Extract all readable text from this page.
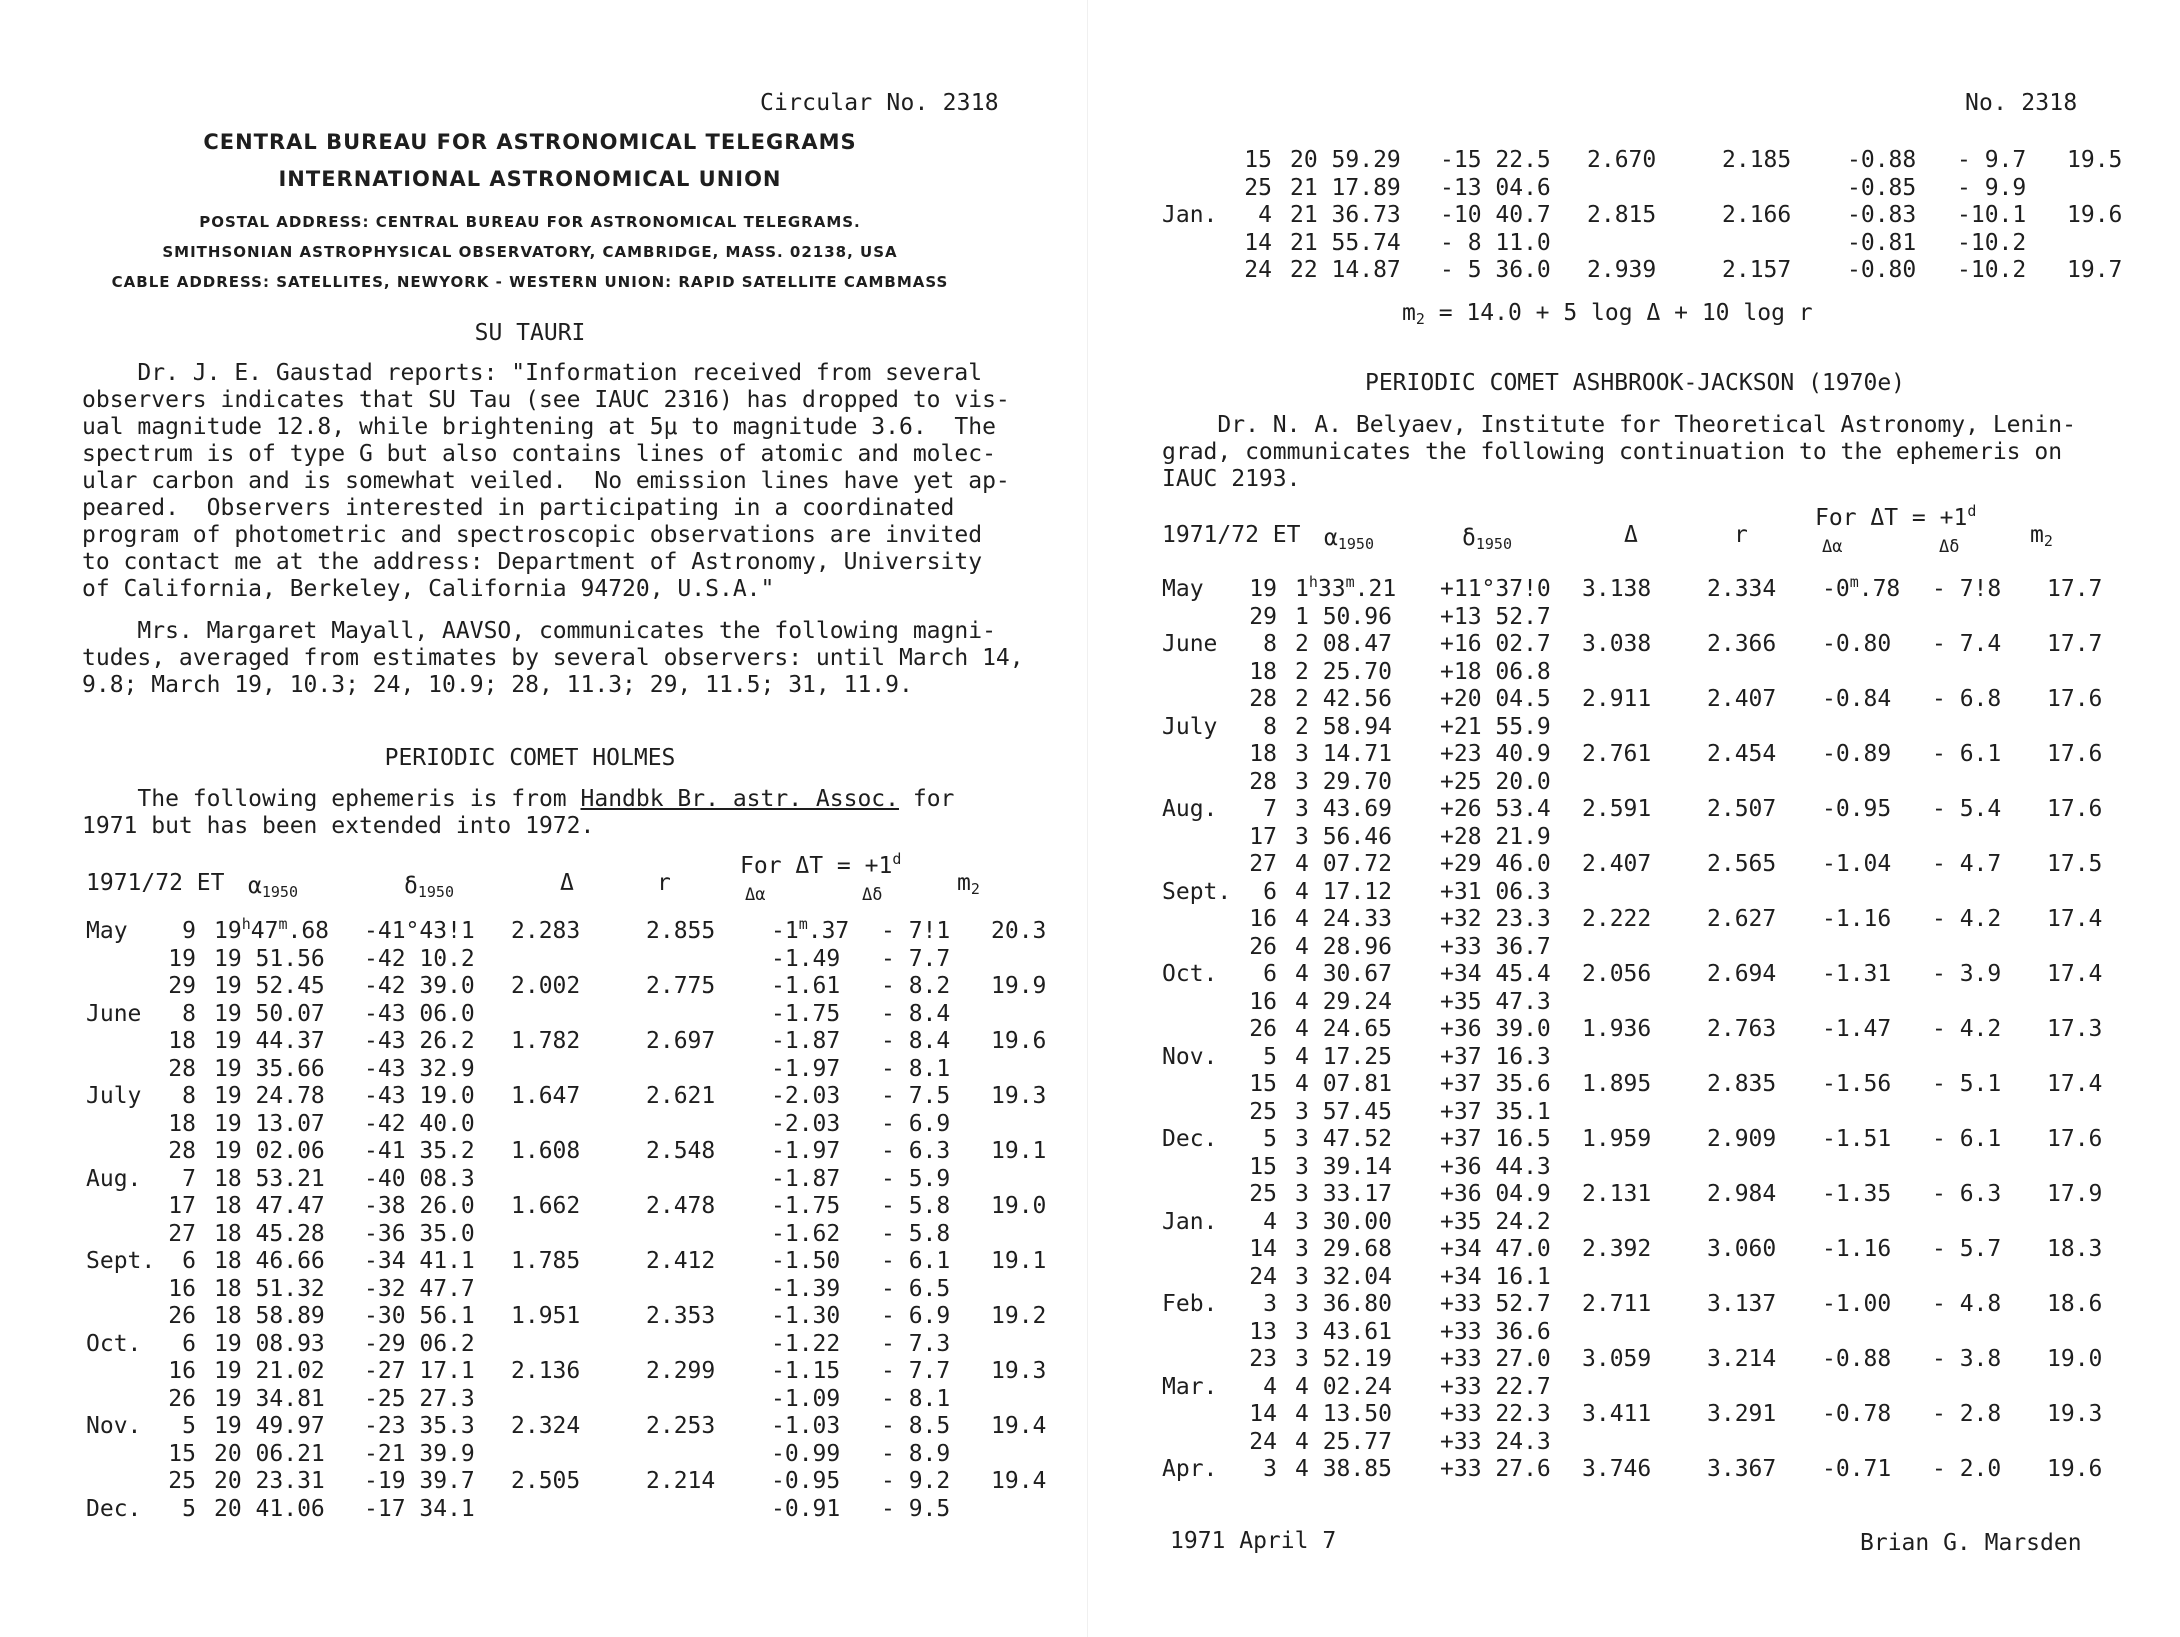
Circular No. 2318
CENTRAL BUREAU FOR ASTRONOMICAL TELEGRAMS
INTERNATIONAL ASTRONOMICAL UNION
POSTAL ADDRESS: CENTRAL BUREAU FOR ASTRONOMICAL TELEGRAMS.
SMITHSONIAN ASTROPHYSICAL OBSERVATORY, CAMBRIDGE, MASS. 02138, USA
CABLE ADDRESS: SATELLITES, NEWYORK - WESTERN UNION: RAPID SATELLITE CAMBMASS
SU TAURI
Dr. J. E. Gaustad reports: "Information received from several
observers indicates that SU Tau (see IAUC 2316) has dropped to vis-
ual magnitude 12.8, while brightening at 5μ to magnitude 3.6.  The
spectrum is of type G but also contains lines of atomic and molec-
ular carbon and is somewhat veiled.  No emission lines have yet ap-
peared.  Observers interested in participating in a coordinated
program of photometric and spectroscopic observations are invited
to contact me at the address: Department of Astronomy, University
of California, Berkeley, California 94720, U.S.A."
Mrs. Margaret Mayall, AAVSO, communicates the following magni-
tudes, averaged from estimates by several observers: until March 14,
9.8; March 19, 10.3; 24, 10.9; 28, 11.3; 29, 11.5; 31, 11.9.
PERIODIC COMET HOLMES
The following ephemeris is from Handbk Br. astr. Assoc. for
1971 but has been extended into 1972.
1971/72 ET $\alpha_{1950}$	$\delta_{1950}$	Δ	r
For $\Delta T = +1^d$
Δα	Δδ	$m_2$
May	9	19$^h$47$^m$.68	-41°43!1	2.283	2.855	-1$^m$.37	- 7!1	20.3
	19	19 51.56	-42 10.2			-1.49	- 7.7	
	29	19 52.45	-42 39.0	2.002	2.775	-1.61	- 8.2	19.9
June	8	19 50.07	-43 06.0			-1.75	- 8.4	
	18	19 44.37	-43 26.2	1.782	2.697	-1.87	- 8.4	19.6
	28	19 35.66	-43 32.9			-1.97	- 8.1	
July	8	19 24.78	-43 19.0	1.647	2.621	-2.03	- 7.5	19.3
	18	19 13.07	-42 40.0			-2.03	- 6.9	
	28	19 02.06	-41 35.2	1.608	2.548	-1.97	- 6.3	19.1
Aug.	7	18 53.21	-40 08.3			-1.87	- 5.9	
	17	18 47.47	-38 26.0	1.662	2.478	-1.75	- 5.8	19.0
	27	18 45.28	-36 35.0			-1.62	- 5.8	
Sept.	6	18 46.66	-34 41.1	1.785	2.412	-1.50	- 6.1	19.1
	16	18 51.32	-32 47.7			-1.39	- 6.5	
	26	18 58.89	-30 56.1	1.951	2.353	-1.30	- 6.9	19.2
Oct.	6	19 08.93	-29 06.2			-1.22	- 7.3	
	16	19 21.02	-27 17.1	2.136	2.299	-1.15	- 7.7	19.3
	26	19 34.81	-25 27.3			-1.09	- 8.1	
Nov.	5	19 49.97	-23 35.3	2.324	2.253	-1.03	- 8.5	19.4
	15	20 06.21	-21 39.9			-0.99	- 8.9	
	25	20 23.31	-19 39.7	2.505	2.214	-0.95	- 9.2	19.4
Dec.	5	20 41.06	-17 34.1			-0.91	- 9.5	
No. 2318
	15	20 59.29	-15 22.5	2.670	2.185	-0.88	- 9.7	19.5
	25	21 17.89	-13 04.6			-0.85	- 9.9	
Jan.	4	21 36.73	-10 40.7	2.815	2.166	-0.83	-10.1	19.6
	14	21 55.74	- 8 11.0			-0.81	-10.2	
	24	22 14.87	- 5 36.0	2.939	2.157	-0.80	-10.2	19.7
$m_2 = 14.0 + 5$ log Δ + 10 log r
PERIODIC COMET ASHBROOK-JACKSON (1970e)
Dr. N. A. Belyaev, Institute for Theoretical Astronomy, Lenin-
grad, communicates the following continuation to the ephemeris on
IAUC 2193.
1971/72 ET $\alpha_{1950}$	$\delta_{1950}$	Δ	r
For $\Delta T = +1^d$
Δα	Δδ	$m_2$
May	19	$1^h33^m.21$	+11°37!0	3.138	2.334	-0$^m$.78	- 7!8	17.7
	29	1 50.96	+13 52.7					
June	8	2 08.47	+16 02.7	3.038	2.366	-0.80	- 7.4	17.7
	18	2 25.70	+18 06.8					
	28	2 42.56	+20 04.5	2.911	2.407	-0.84	- 6.8	17.6
July	8	2 58.94	+21 55.9					
	18	3 14.71	+23 40.9	2.761	2.454	-0.89	- 6.1	17.6
	28	3 29.70	+25 20.0					
Aug.	7	3 43.69	+26 53.4	2.591	2.507	-0.95	- 5.4	17.6
	17	3 56.46	+28 21.9					
	27	4 07.72	+29 46.0	2.407	2.565	-1.04	- 4.7	17.5
Sept.	6	4 17.12	+31 06.3					
	16	4 24.33	+32 23.3	2.222	2.627	-1.16	- 4.2	17.4
	26	4 28.96	+33 36.7					
Oct.	6	4 30.67	+34 45.4	2.056	2.694	-1.31	- 3.9	17.4
	16	4 29.24	+35 47.3					
	26	4 24.65	+36 39.0	1.936	2.763	-1.47	- 4.2	17.3
Nov.	5	4 17.25	+37 16.3					
	15	4 07.81	+37 35.6	1.895	2.835	-1.56	- 5.1	17.4
	25	3 57.45	+37 35.1					
Dec.	5	3 47.52	+37 16.5	1.959	2.909	-1.51	- 6.1	17.6
	15	3 39.14	+36 44.3					
	25	3 33.17	+36 04.9	2.131	2.984	-1.35	- 6.3	17.9
Jan.	4	3 30.00	+35 24.2					
	14	3 29.68	+34 47.0	2.392	3.060	-1.16	- 5.7	18.3
	24	3 32.04	+34 16.1					
Feb.	3	3 36.80	+33 52.7	2.711	3.137	-1.00	- 4.8	18.6
	13	3 43.61	+33 36.6					
	23	3 52.19	+33 27.0	3.059	3.214	-0.88	- 3.8	19.0
Mar.	4	4 02.24	+33 22.7					
	14	4 13.50	+33 22.3	3.411	3.291	-0.78	- 2.8	19.3
	24	4 25.77	+33 24.3					
Apr.	3	4 38.85	+33 27.6	3.746	3.367	-0.71	- 2.0	19.6
1971 April 7	Brian G. Marsden
